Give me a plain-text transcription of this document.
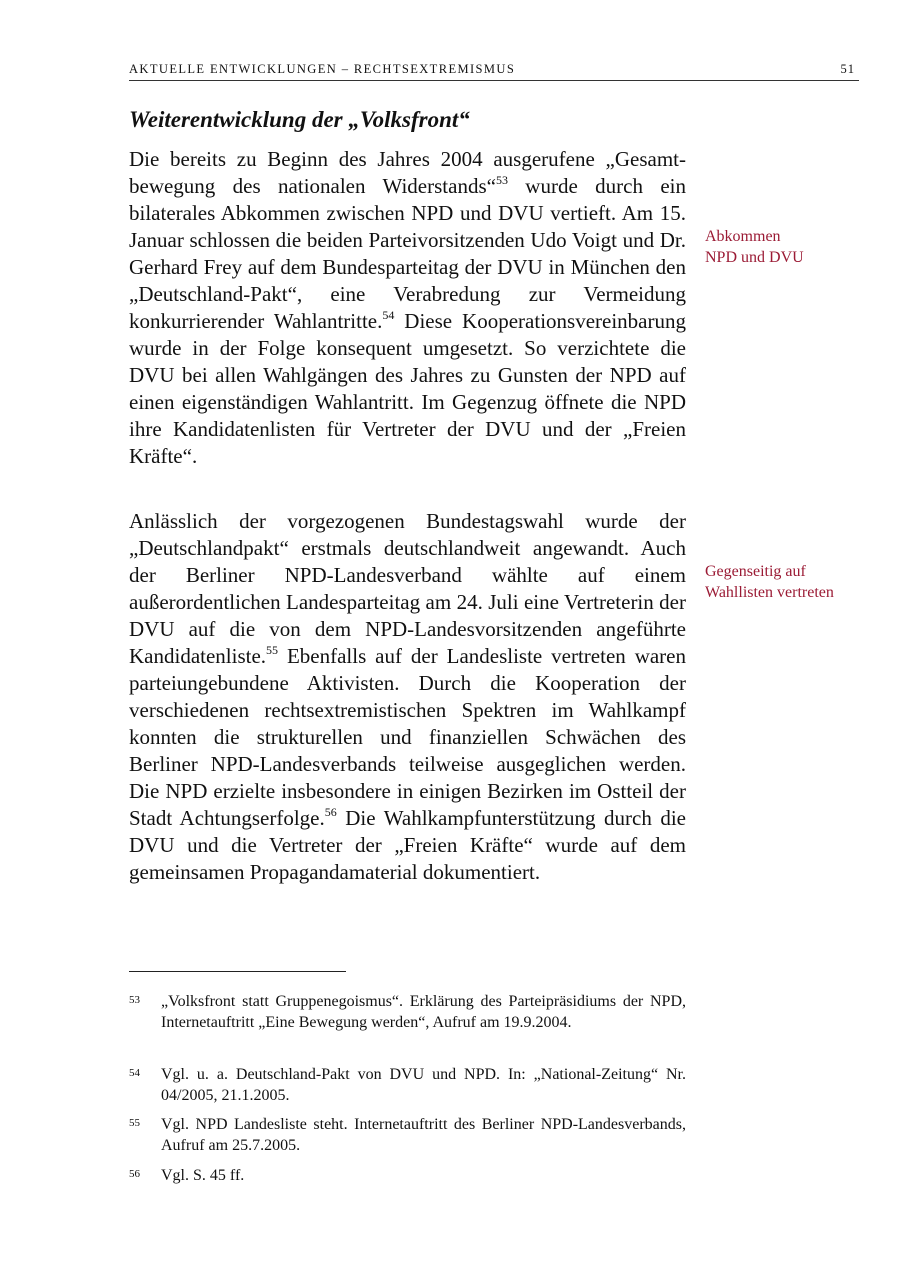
AKTUELLE ENTWICKLUNGEN – RECHTSEXTREMISMUS	51
Weiterentwicklung der „Volksfront“

Die bereits zu Beginn des Jahres 2004 ausgerufene „Gesamtbewegung des nationalen Widerstands“$^{53}$ wurde durch ein bilaterales Abkommen zwischen NPD und DVU vertieft. Am 15. Januar schlossen die beiden Parteivorsitzenden Udo Voigt und Dr. Gerhard Frey auf dem Bundesparteitag der DVU in München den „Deutschland-Pakt“, eine Verabredung zur Vermeidung konkurrierender Wahlantritte.$^{54}$ Diese Kooperationsvereinbarung wurde in der Folge konsequent umgesetzt. So verzichtete die DVU bei allen Wahlgängen des Jahres zu Gunsten der NPD auf einen eigenständigen Wahlantritt. Im Gegenzug öffnete die NPD ihre Kandidatenlisten für Vertreter der DVU und der „Freien Kräfte“.

Anlässlich der vorgezogenen Bundestagswahl wurde der „Deutschlandpakt“ erstmals deutschlandweit angewandt. Auch der Berliner NPD-Landesverband wählte auf einem außerordentlichen Landesparteitag am 24. Juli eine Vertreterin der DVU auf die von dem NPD-Landesvorsitzenden angeführte Kandidatenliste.$^{55}$ Ebenfalls auf der Landesliste vertreten waren parteiungebundene Aktivisten. Durch die Kooperation der verschiedenen rechtsextremistischen Spektren im Wahlkampf konnten die strukturellen und finanziellen Schwächen des Berliner NPD-Landesverbands teilweise ausgeglichen werden. Die NPD erzielte insbesondere in einigen Bezirken im Ostteil der Stadt Achtungserfolge.$^{56}$ Die Wahlkampfunterstützung durch die DVU und die Vertreter der „Freien Kräfte“ wurde auf dem gemeinsamen Propagandamaterial dokumentiert.

Abkommen
NPD und DVU
Gegenseitig auf
Wahllisten vertreten
53 „Volksfront statt Gruppenegoismus“. Erklärung des Parteipräsidiums der NPD, Internetauftritt „Eine Bewegung werden“, Aufruf am 19.9.2004.
54 Vgl. u. a. Deutschland-Pakt von DVU und NPD. In: „National-Zeitung“ Nr. 04/2005, 21.1.2005.
55 Vgl. NPD Landesliste steht. Internetauftritt des Berliner NPD-Landesverbands, Aufruf am 25.7.2005.
56 Vgl. S. 45 ff.
